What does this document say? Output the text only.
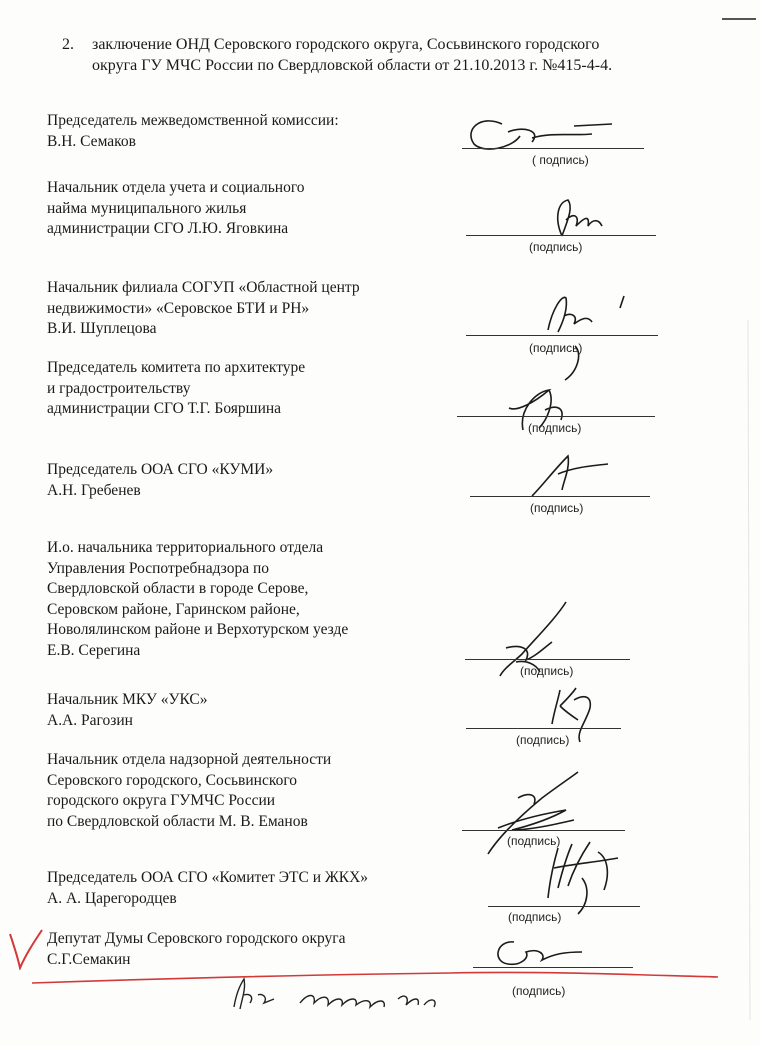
2. заключение ОНД Серовского городского округа, Сосьвинского городского
округа ГУ МЧС России по Свердловской области от 21.10.2013 г. №415-4-4.
Председатель межведомственной комиссии:
В.Н. Семаков
( подпись)
Начальник отдела учета и социального
найма муниципального жилья
администрации СГО Л.Ю. Яговкина
(подпись)
Начальник филиала СОГУП «Областной центр
недвижимости» «Серовское БТИ и РН»
В.И. Шуплецова
(подпись)
Председатель комитета по архитектуре
и градостроительству
администрации СГО Т.Г. Бояршина
(подпись)
Председатель ООА СГО «КУМИ»
А.Н. Гребенев
(подпись)
И.о. начальника территориального отдела
Управления Роспотребнадзора по
Свердловской области в городе Серове,
Серовском районе, Гаринском районе,
Новолялинском районе и Верхотурском уезде
Е.В. Серегина
(подпись)
Начальник МКУ «УКС»
А.А. Рагозин
(подпись)
Начальник отдела надзорной деятельности
Серовского городского, Сосьвинского
городского округа ГУМЧС России
по Свердловской области М. В. Еманов
(подпись)
Председатель ООА СГО «Комитет ЭТС и ЖКХ»
А. А. Царегородцев
(подпись)
Депутат Думы Серовского городского округа
С.Г.Семакин
(подпись)
